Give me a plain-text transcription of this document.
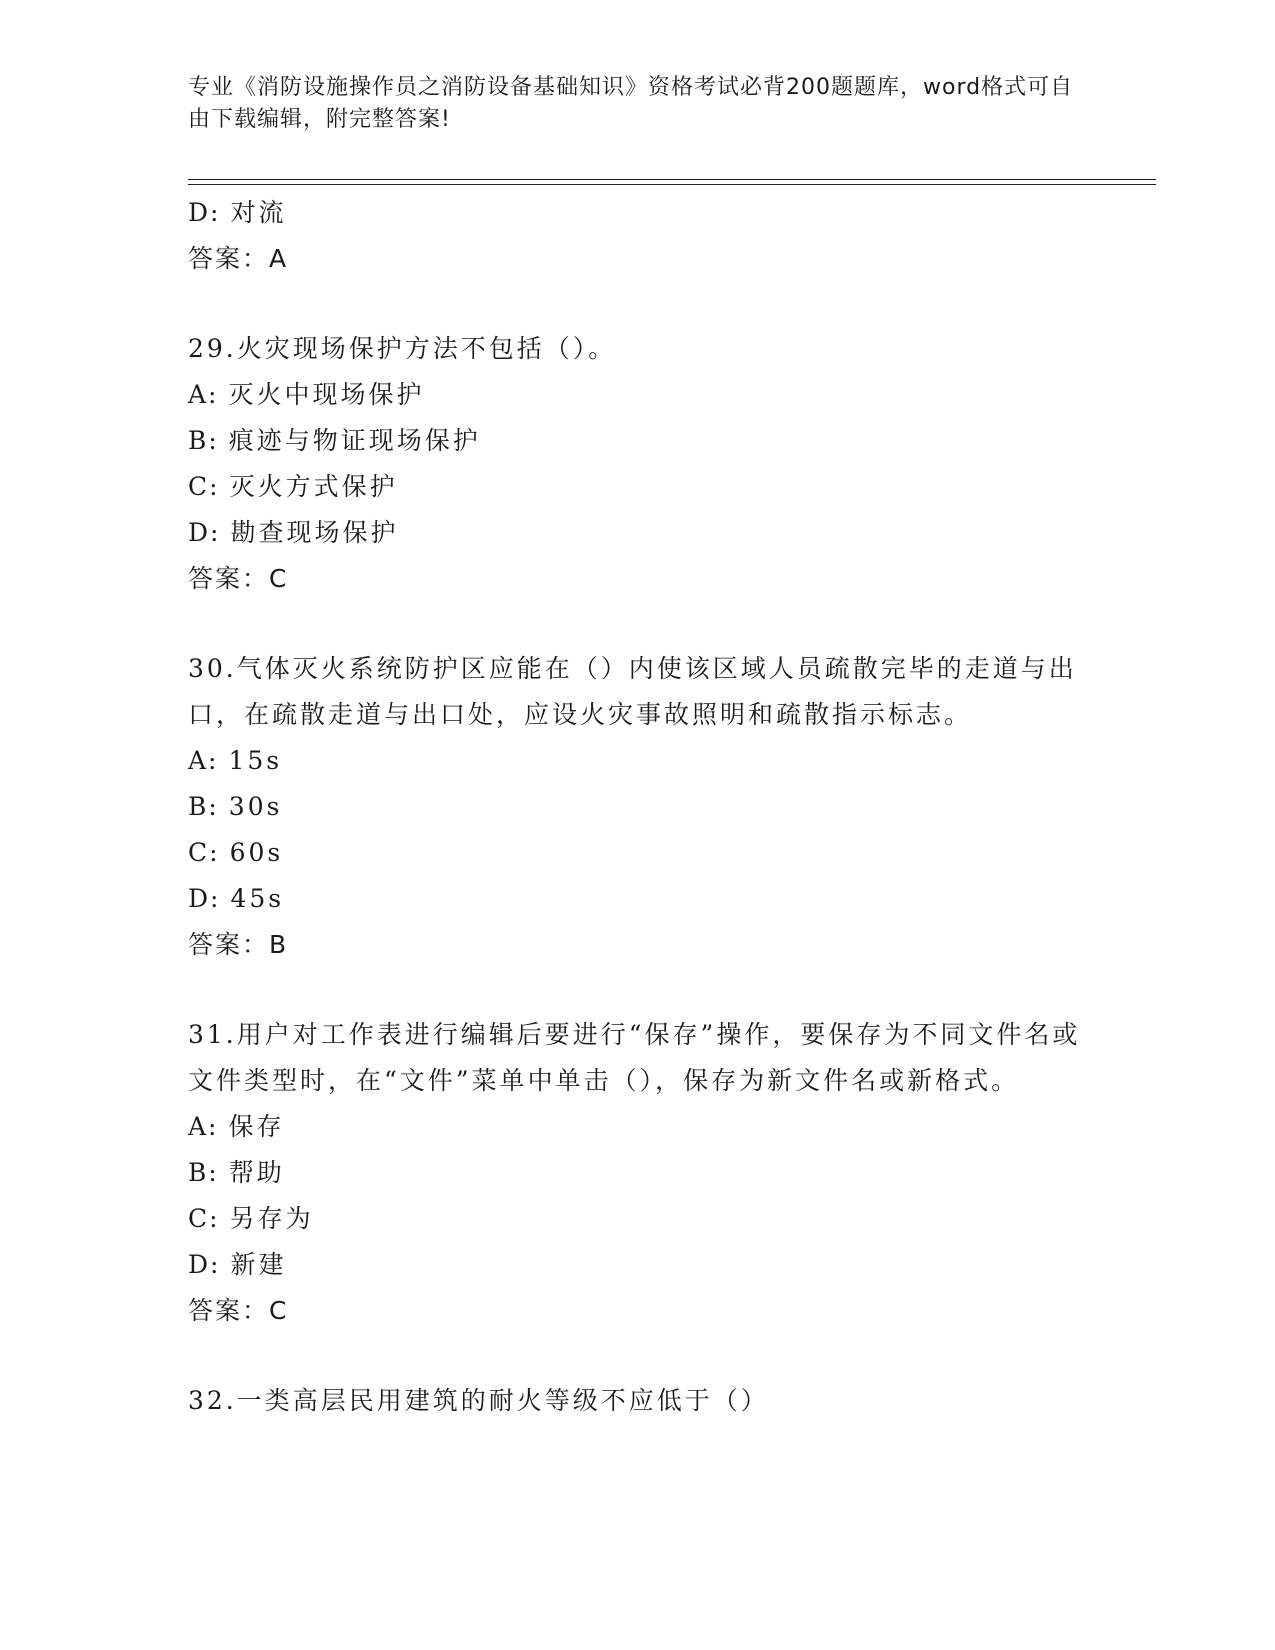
专业《消防设施操作员之消防设备基础知识》资格考试必背200题题库，word格式可自由下载编辑，附完整答案!
D: 对流
答案：A
29.火灾现场保护方法不包括（）。
A: 灭火中现场保护
B: 痕迹与物证现场保护
C: 灭火方式保护
D: 勘查现场保护
答案：C
30.气体灭火系统防护区应能在（）内使该区域人员疏散完毕的走道与出口，在疏散走道与出口处，应设火灾事故照明和疏散指示标志。
A: 15s
B: 30s
C: 60s
D: 45s
答案：B
31.用户对工作表进行编辑后要进行“保存”操作，要保存为不同文件名或文件类型时，在“文件”菜单中单击（），保存为新文件名或新格式。
A: 保存
B: 帮助
C: 另存为
D: 新建
答案：C
32.一类高层民用建筑的耐火等级不应低于（）
